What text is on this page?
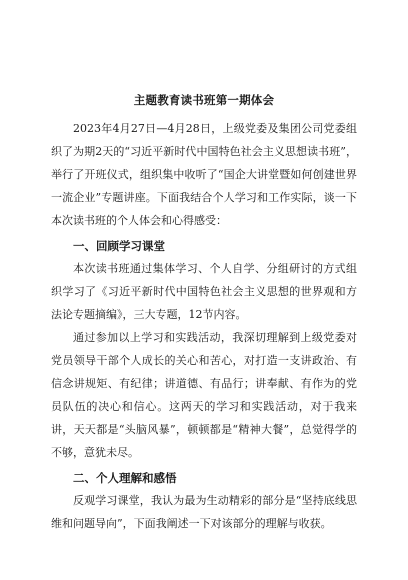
主题教育读书班第一期体会

2023年4月27日—4月28日，上级党委及集团公司党委组织了为期2天的“习近平新时代中国特色社会主义思想读书班”，举行了开班仪式，组织集中收听了“国企大讲堂暨如何创建世界一流企业”专题讲座。下面我结合个人学习和工作实际，谈一下本次读书班的个人体会和心得感受：

一、回顾学习课堂

本次读书班通过集体学习、个人自学、分组研讨的方式组织学习了《习近平新时代中国特色社会主义思想的世界观和方法论专题摘编》，三大专题，12节内容。

通过参加以上学习和实践活动，我深切理解到上级党委对党员领导干部个人成长的关心和苦心，对打造一支讲政治、有信念讲规矩、有纪律；讲道德、有品行；讲奉献、有作为的党员队伍的决心和信心。这两天的学习和实践活动，对于我来讲，天天都是“头脑风暴”，顿顿都是“精神大餐”，总觉得学的不够，意犹未尽。

二、个人理解和感悟

反观学习课堂，我认为最为生动精彩的部分是“坚持底线思维和问题导向”，下面我阐述一下对该部分的理解与收获。
